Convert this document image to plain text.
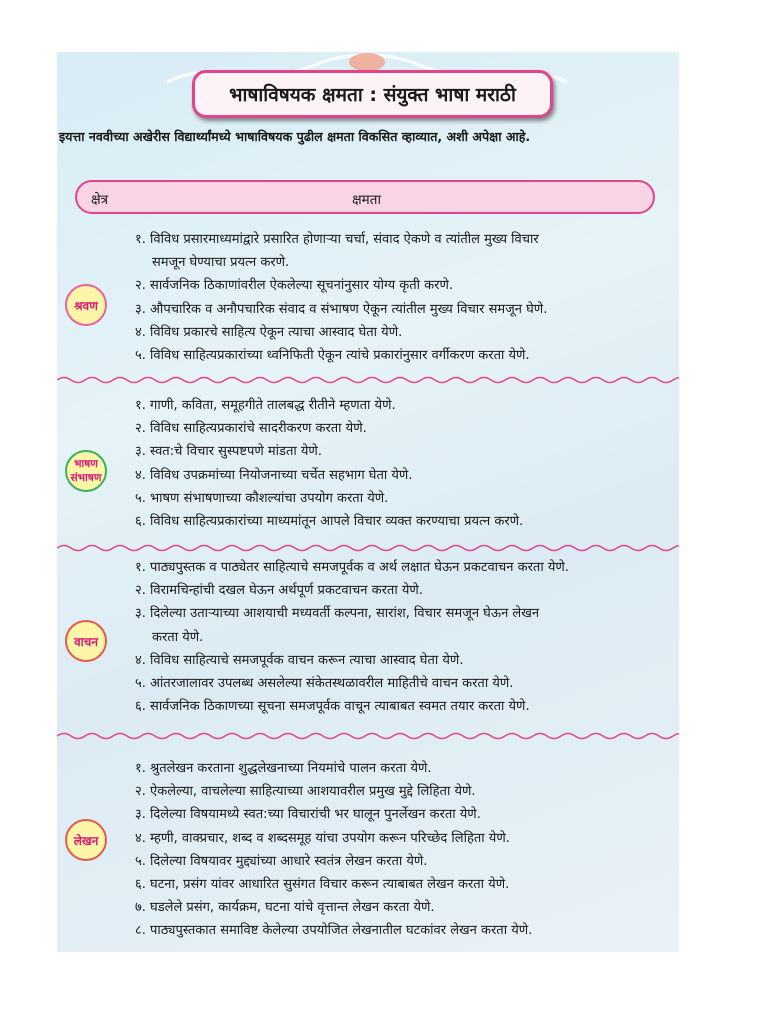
भाषाविषयक क्षमता : संयुक्त भाषा मराठी
इयत्ता नववीच्या अखेरीस विद्यार्थ्यांमध्ये भाषाविषयक पुढील क्षमता विकसित व्हाव्यात, अशी अपेक्षा आहे.
क्षेत्र	क्षमता
श्रवण
१. विविध प्रसारमाध्यमांद्वारे प्रसारित होणाऱ्या चर्चा, संवाद ऐकणे व त्यांतील मुख्य विचार
समजून घेण्याचा प्रयत्न करणे.
२. सार्वजनिक ठिकाणांवरील ऐकलेल्या सूचनांनुसार योग्य कृती करणे.
३. औपचारिक व अनौपचारिक संवाद व संभाषण ऐकून त्यांतील मुख्य विचार समजून घेणे.
४. विविध प्रकारचे साहित्य ऐकून त्याचा आस्वाद घेता येणे.
५. विविध साहित्यप्रकारांच्या ध्वनिफिती ऐकून त्यांचे प्रकारांनुसार वर्गीकरण करता येणे.
भाषण
संभाषण
१. गाणी, कविता, समूहगीते तालबद्ध रीतीने म्हणता येणे.
२. विविध साहित्यप्रकारांचे सादरीकरण करता येणे.
३. स्वत:चे विचार सुस्पष्टपणे मांडता येणे.
४. विविध उपक्रमांच्या नियोजनाच्या चर्चेत सहभाग घेता येणे.
५. भाषण संभाषणाच्या कौशल्यांचा उपयोग करता येणे.
६. विविध साहित्यप्रकारांच्या माध्यमांतून आपले विचार व्यक्त करण्याचा प्रयत्न करणे.
वाचन
१. पाठ्यपुस्तक व पाठ्येतर साहित्याचे समजपूर्वक व अर्थ लक्षात घेऊन प्रकटवाचन करता येणे.
२. विरामचिन्हांची दखल घेऊन अर्थपूर्ण प्रकटवाचन करता येणे.
३. दिलेल्या उताऱ्याच्या आशयाची मध्यवर्ती कल्पना, सारांश, विचार समजून घेऊन लेखन
करता येणे.
४. विविध साहित्याचे समजपूर्वक वाचन करून त्याचा आस्वाद घेता येणे.
५. आंतरजालावर उपलब्ध असलेल्या संकेतस्थळावरील माहितीचे वाचन करता येणे.
६. सार्वजनिक ठिकाणच्या सूचना समजपूर्वक वाचून त्याबाबत स्वमत तयार करता येणे.
लेखन
१. श्रुतलेखन करताना शुद्धलेखनाच्या नियमांचे पालन करता येणे.
२. ऐकलेल्या, वाचलेल्या साहित्याच्या आशयावरील प्रमुख मुद्दे लिहिता येणे.
३. दिलेल्या विषयामध्ये स्वत:च्या विचारांची भर घालून पुनर्लेखन करता येणे.
४. म्हणी, वाक्प्रचार, शब्द व शब्दसमूह यांचा उपयोग करून परिच्छेद लिहिता येणे.
५. दिलेल्या विषयावर मुद्द्यांच्या आधारे स्वतंत्र लेखन करता येणे.
६. घटना, प्रसंग यांवर आधारित सुसंगत विचार करून त्याबाबत लेखन करता येणे.
७. घडलेले प्रसंग, कार्यक्रम, घटना यांचे वृत्तान्त लेखन करता येणे.
८. पाठ्यपुस्तकात समाविष्ट केलेल्या उपयोजित लेखनातील घटकांवर लेखन करता येणे.
